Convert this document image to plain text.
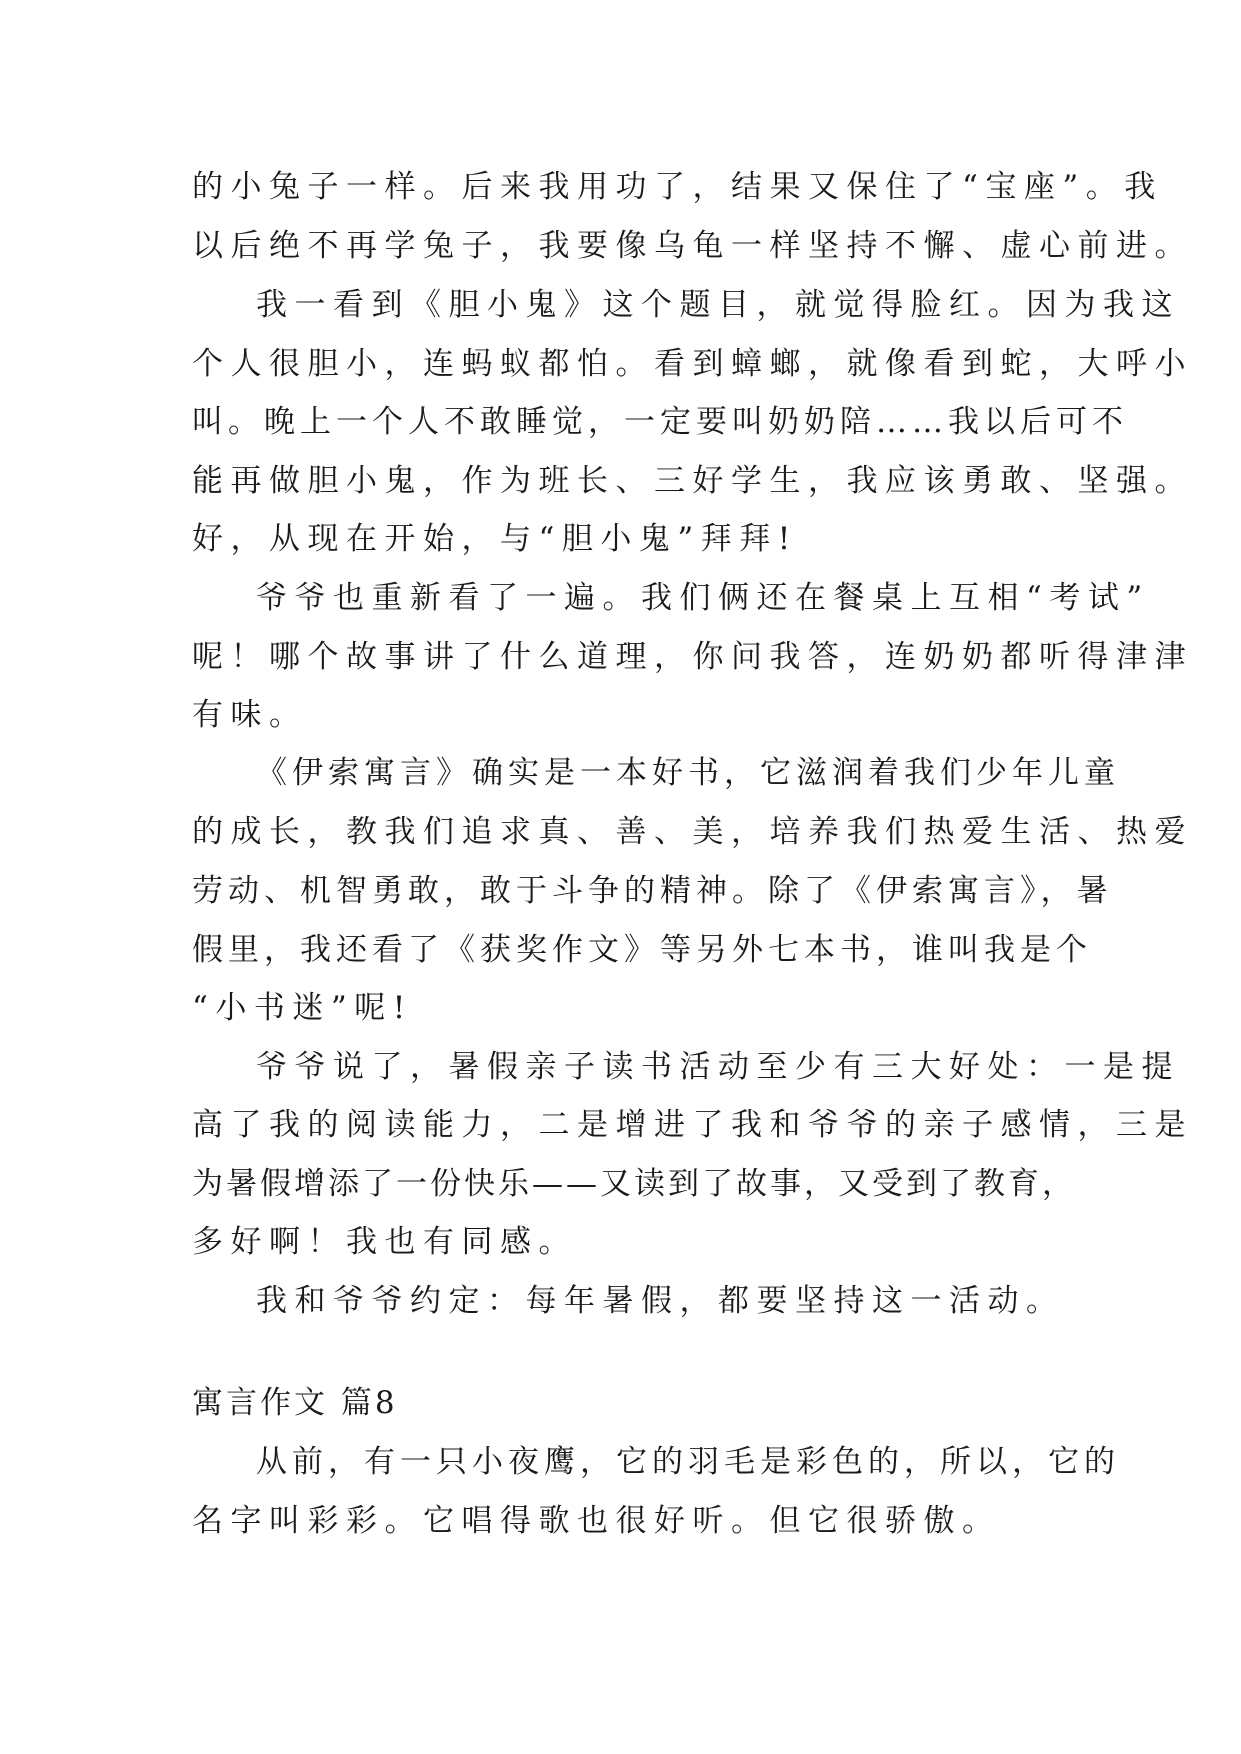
的小兔子一样。后来我用功了，结果又保住了“宝座”。我
以后绝不再学兔子，我要像乌龟一样坚持不懈、虚心前进。
我一看到《胆小鬼》这个题目，就觉得脸红。因为我这
个人很胆小，连蚂蚁都怕。看到蟑螂，就像看到蛇，大呼小
叫。晚上一个人不敢睡觉，一定要叫奶奶陪……我以后可不
能再做胆小鬼，作为班长、三好学生，我应该勇敢、坚强。
好，从现在开始，与“胆小鬼”拜拜!
爷爷也重新看了一遍。我们俩还在餐桌上互相“考试”
呢！哪个故事讲了什么道理，你问我答，连奶奶都听得津津
有味。
《伊索寓言》确实是一本好书，它滋润着我们少年儿童
的成长，教我们追求真、善、美，培养我们热爱生活、热爱
劳动、机智勇敢，敢于斗争的精神。除了《伊索寓言》，暑
假里，我还看了《获奖作文》等另外七本书，谁叫我是个
“小书迷”呢!
爷爷说了，暑假亲子读书活动至少有三大好处：一是提
高了我的阅读能力，二是增进了我和爷爷的亲子感情，三是
为暑假增添了一份快乐——又读到了故事，又受到了教育，
多好啊！我也有同感。
我和爷爷约定：每年暑假，都要坚持这一活动。
寓言作文 篇8
从前，有一只小夜鹰，它的羽毛是彩色的，所以，它的
名字叫彩彩。它唱得歌也很好听。但它很骄傲。
